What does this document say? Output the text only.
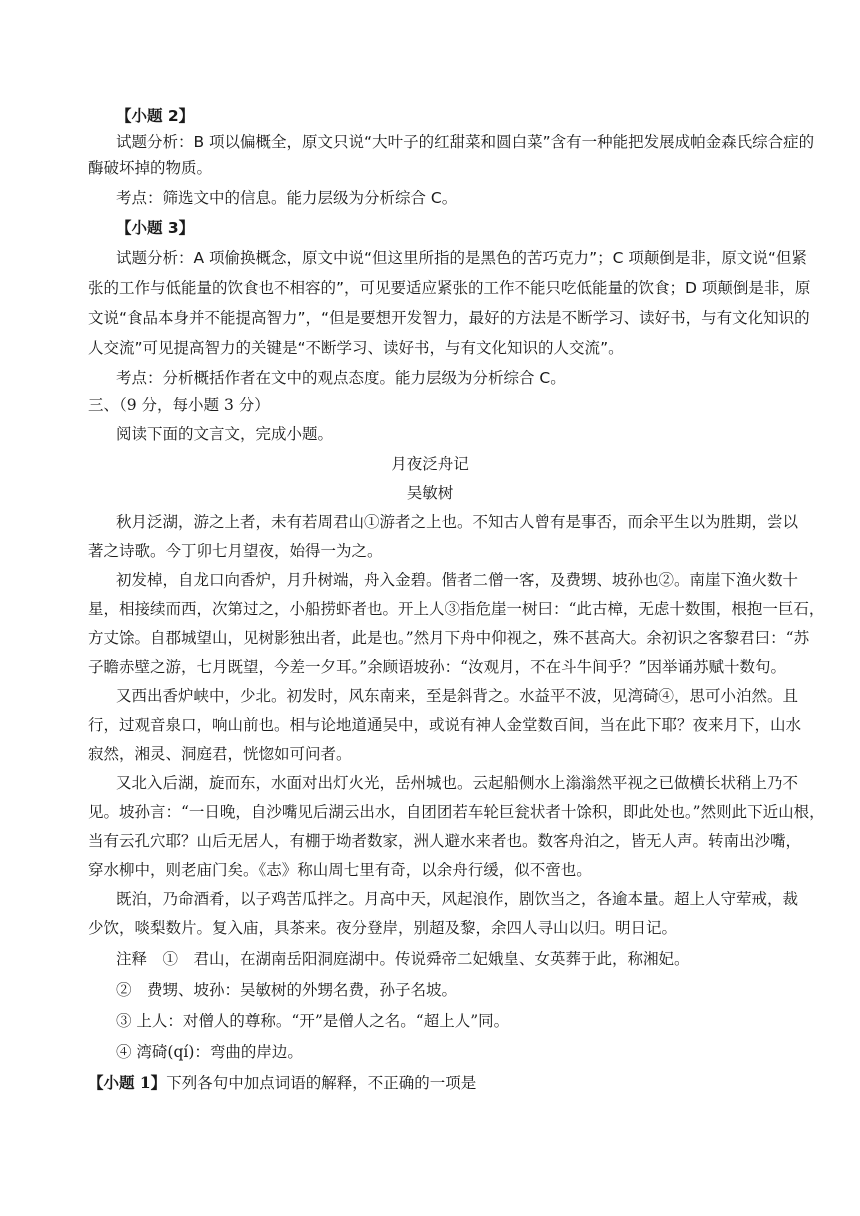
【小题 2】
试题分析：B 项以偏概全，原文只说“大叶子的红甜菜和圆白菜”含有一种能把发展成帕金森氏综合症的
酶破坏掉的物质。
考点：筛选文中的信息。能力层级为分析综合 C。
【小题 3】
试题分析：A 项偷换概念，原文中说“但这里所指的是黑色的苦巧克力”；C 项颠倒是非，原文说“但紧
张的工作与低能量的饮食也不相容的”，可见要适应紧张的工作不能只吃低能量的饮食；D 项颠倒是非，原
文说“食品本身并不能提高智力”，“但是要想开发智力，最好的方法是不断学习、读好书，与有文化知识的
人交流”可见提高智力的关键是“不断学习、读好书，与有文化知识的人交流”。
考点：分析概括作者在文中的观点态度。能力层级为分析综合 C。
三、（9 分，每小题 3 分）
阅读下面的文言文，完成小题。
月夜泛舟记
吴敏树
秋月泛湖，游之上者，未有若周君山①游者之上也。不知古人曾有是事否，而余平生以为胜期，尝以
著之诗歌。今丁卯七月望夜，始得一为之。
初发棹，自龙口向香炉，月升树端，舟入金碧。偕者二僧一客，及费甥、坡孙也②。南崖下渔火数十
星，相接续而西，次第过之，小船捞虾者也。开上人③指危崖一树曰：“此古樟，无虑十数围，根抱一巨石，
方丈馀。自郡城望山，见树影独出者，此是也。”然月下舟中仰视之，殊不甚高大。余初识之客黎君曰：“苏
子瞻赤壁之游，七月既望，今差一夕耳。”余顾语坡孙：“汝观月，不在斗牛间乎？”因举诵苏赋十数句。
又西出香炉峡中，少北。初发时，风东南来，至是斜背之。水益平不波，见湾碕④，思可小泊然。且
行，过观音泉口，响山前也。相与论地道通吴中，或说有神人金堂数百间，当在此下耶？夜来月下，山水
寂然，湘灵、洞庭君，恍惚如可问者。
又北入后湖，旋而东，水面对出灯火光，岳州城也。云起船侧水上滃滃然平视之已做横长状稍上乃不
见。坡孙言：“一日晚，自沙嘴见后湖云出水，自团团若车轮巨瓮状者十馀积，即此处也。”然则此下近山根，
当有云孔穴耶？山后无居人，有棚于坳者数家，洲人避水来者也。数客舟泊之，皆无人声。转南出沙嘴，
穿水柳中，则老庙门矣。《志》称山周七里有奇，以余舟行缓，似不啻也。
既泊，乃命酒肴，以子鸡苦瓜拌之。月高中天，风起浪作，剧饮当之，各逾本量。超上人守荤戒，裁
少饮，啖梨数片。复入庙，具茶来。夜分登岸，别超及黎，余四人寻山以归。明日记。
注释　①　君山，在湖南岳阳洞庭湖中。传说舜帝二妃娥皇、女英葬于此，称湘妃。
②　费甥、坡孙：吴敏树的外甥名费，孙子名坡。
③ 上人：对僧人的尊称。“开”是僧人之名。“超上人”同。
④ 湾碕(qí)：弯曲的岸边。
【小题 1】下列各句中加点词语的解释，不正确的一项是
